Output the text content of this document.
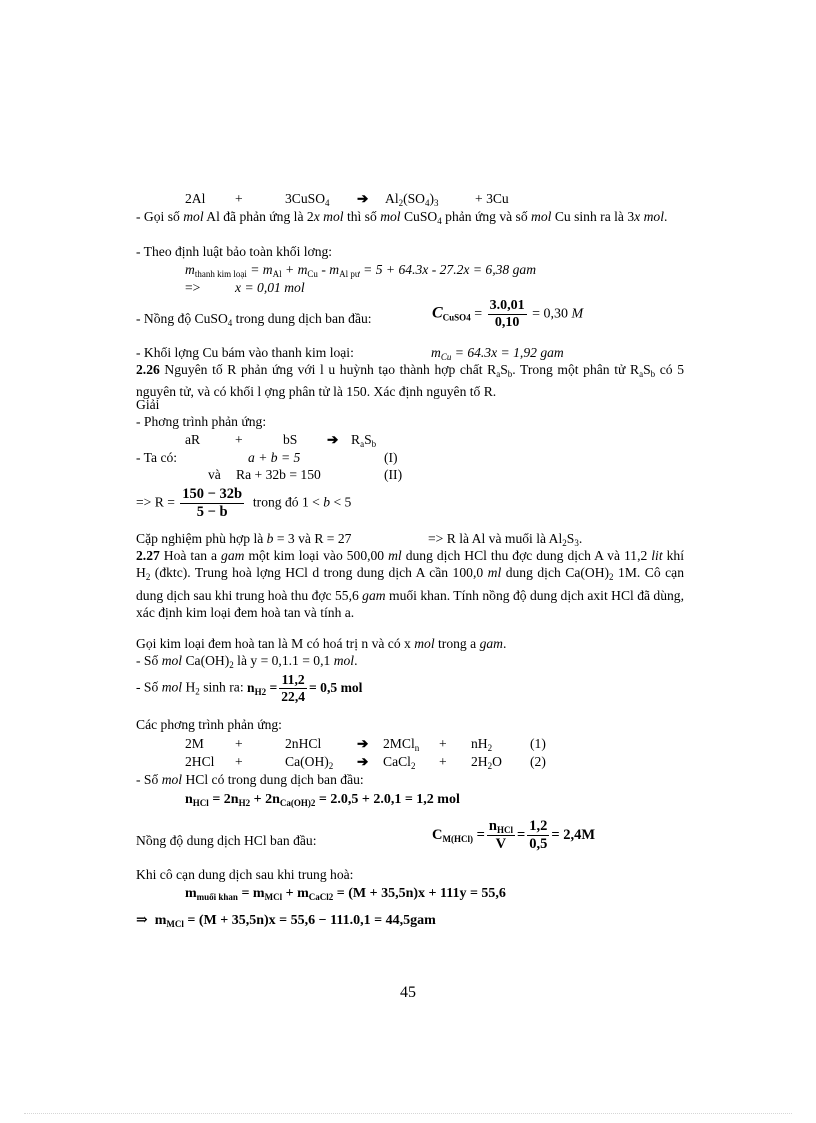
2Al +	3CuSO$_4$ ➔ $Al_2(SO_4)_3$	+ 3Cu
- Gọi số mol Al đã phản ứng là 2x mol thì số mol CuSO$_4$ phản ứng và số mol Cu sinh ra là 3x mol.
- Theo định luật bảo toàn khối lơng:
$m_{thanh kim loại} = m_{Al} + m_{Cu} - m_{Al pư} = 5 + 64.3x - 27.2x = 6,38$ gam
=>	x = 0,01 mol
- Nồng độ CuSO$_4$ trong dung dịch ban đầu:	$C_{CuSO4} = \frac{3.0,01}{0,10} = 0,30$ M
- Khối lợng Cu bám vào thanh kim loại:	$m_{Cu} = 64.3x = 1,92$ gam
2.26 Nguyên tố R phản ứng với l u huỳnh tạo thành hợp chất $R_aS_b$. Trong một phân tử $R_aS_b$ có 5 nguyên tử, và có khối l ợng phân tử là 150. Xác định nguyên tố R.
Giải
- Phơng trình phản ứng:
aR	+	bS ➔ $R_aS_b$
- Ta có:	a + b = 5	(I)
và Ra + 32b = 150	(II)
=> $R = \frac{150 - 32b}{5 - b}$ trong đó 1 < b < 5
Cặp nghiệm phù hợp là b = 3 và R = 27	=> R là Al và muối là $Al_2S_3$.
2.27 Hoà tan a gam một kim loại vào 500,00 ml dung dịch HCl thu đợc dung dịch A và 11,2 lit khí $H_2$ (đktc). Trung hoà lợng HCl d trong dung dịch A cần 100,0 ml dung dịch $Ca(OH)_2$ 1M. Cô cạn dung dịch sau khi trung hoà thu đợc 55,6 gam muối khan. Tính nồng độ dung dịch axit HCl đã dùng, xác định kim loại đem hoà tan và tính a.
Gọi kim loại đem hoà tan là M có hoá trị n và có x mol trong a gam.
- Số mol $Ca(OH)_2$ là y = 0,1.1 = 0,1 mol.
- Số mol $H_2$ sinh ra: $n_{H2} = \frac{11,2}{22,4} = 0,5$ mol
Các phơng trình phản ứng:
2M +	2nHCl	➔ $2MCl_n + nH_2$	(1)
2HCl +	$Ca(OH)_2$ ➔ CaCl$_2$ + $2H_2O$ (2)
- Số mol HCl có trong dung dịch ban đầu:
$n_{HCl} = 2n_{H2} + 2n_{Ca(OH)2} = 2.0,5 + 2.0,1 = 1,2$ mol
Nồng độ dung dịch HCl ban đầu:	$C_{M(HCl)} = \frac{n_{HCl}}{V} = \frac{1,2}{0,5} = 2,4M$
Khi cô cạn dung dịch sau khi trung hoà:
$m_{muối khan} = m_{MCl} + m_{CaCl2} = (M + 35,5n)x + 111y = 55,6$
⇒ $m_{MCl} = (M + 35,5n)x = 55,6 - 111.0,1 = 44,5gam$
45
